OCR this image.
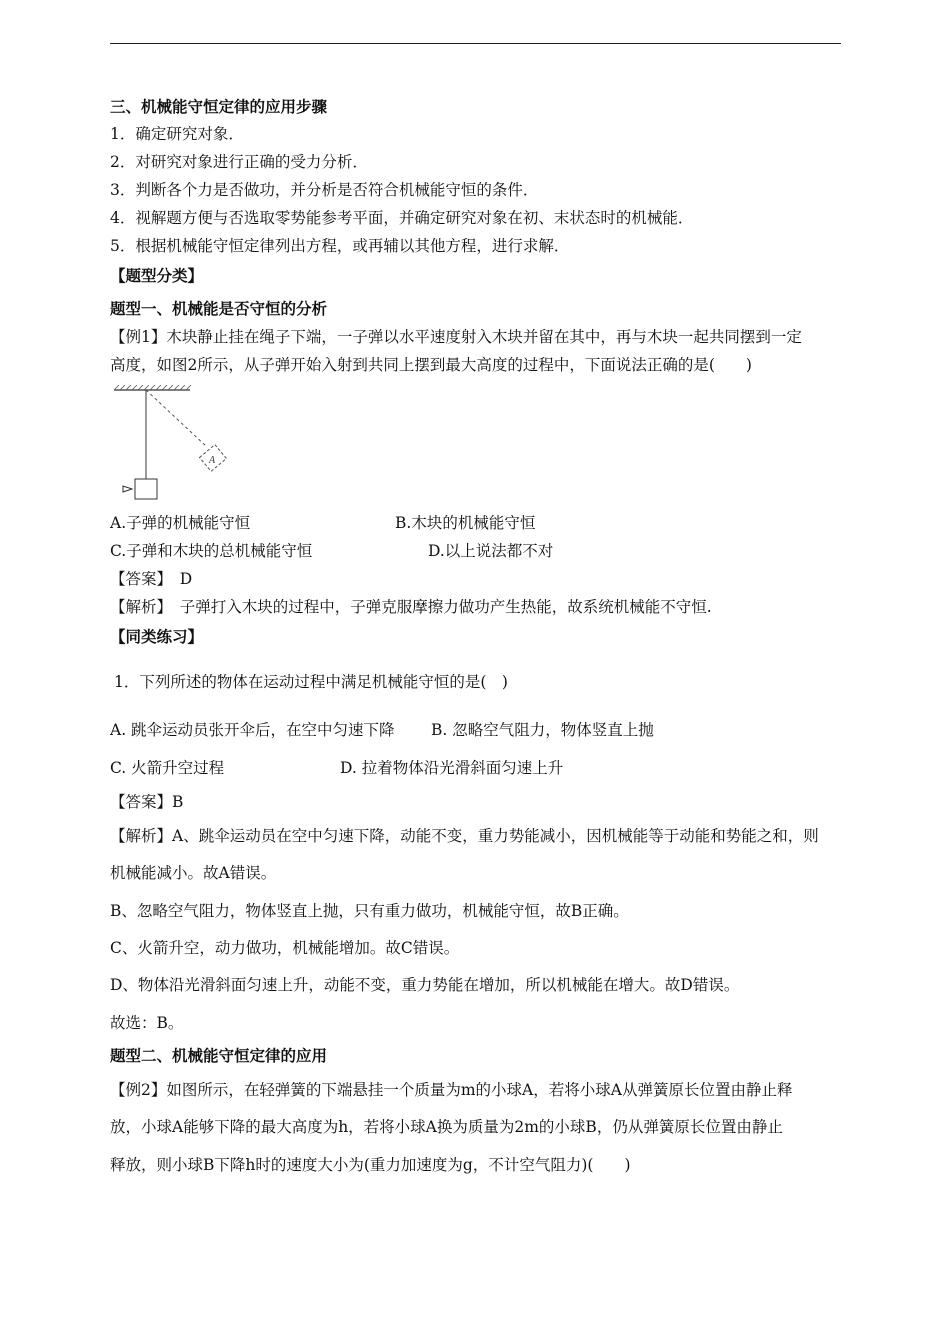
三、机械能守恒定律的应用步骤
1．确定研究对象．
2．对研究对象进行正确的受力分析．
3．判断各个力是否做功，并分析是否符合机械能守恒的条件．
4．视解题方便与否选取零势能参考平面，并确定研究对象在初、末状态时的机械能．
5．根据机械能守恒定律列出方程，或再辅以其他方程，进行求解．
【题型分类】
题型一、机械能是否守恒的分析
【例1】木块静止挂在绳子下端，一子弹以水平速度射入木块并留在其中，再与木块一起共同摆到一定
高度，如图2所示，从子弹开始入射到共同上摆到最大高度的过程中，下面说法正确的是(　　)
A
A.子弹的机械能守恒	B.木块的机械能守恒
C.子弹和木块的总机械能守恒	D.以上说法都不对
【答案】　D
【解析】　子弹打入木块的过程中，子弹克服摩擦力做功产生热能，故系统机械能不守恒.
【同类练习】
1．下列所述的物体在运动过程中满足机械能守恒的是(　)
A. 跳伞运动员张开伞后，在空中匀速下降 B. 忽略空气阻力，物体竖直上抛
C. 火箭升空过程	D. 拉着物体沿光滑斜面匀速上升
【答案】B
【解析】A、跳伞运动员在空中匀速下降，动能不变，重力势能减小，因机械能等于动能和势能之和，则
机械能减小。故A错误。
B、忽略空气阻力，物体竖直上抛，只有重力做功，机械能守恒，故B正确。
C、火箭升空，动力做功，机械能增加。故C错误。
D、物体沿光滑斜面匀速上升，动能不变，重力势能在增加，所以机械能在增大。故D错误。
故选：B。
题型二、机械能守恒定律的应用
【例2】如图所示，在轻弹簧的下端悬挂一个质量为m的小球A，若将小球A从弹簧原长位置由静止释
放，小球A能够下降的最大高度为h，若将小球A换为质量为2m的小球B，仍从弹簧原长位置由静止
释放，则小球B下降h时的速度大小为(重力加速度为g，不计空气阻力)(　　)
